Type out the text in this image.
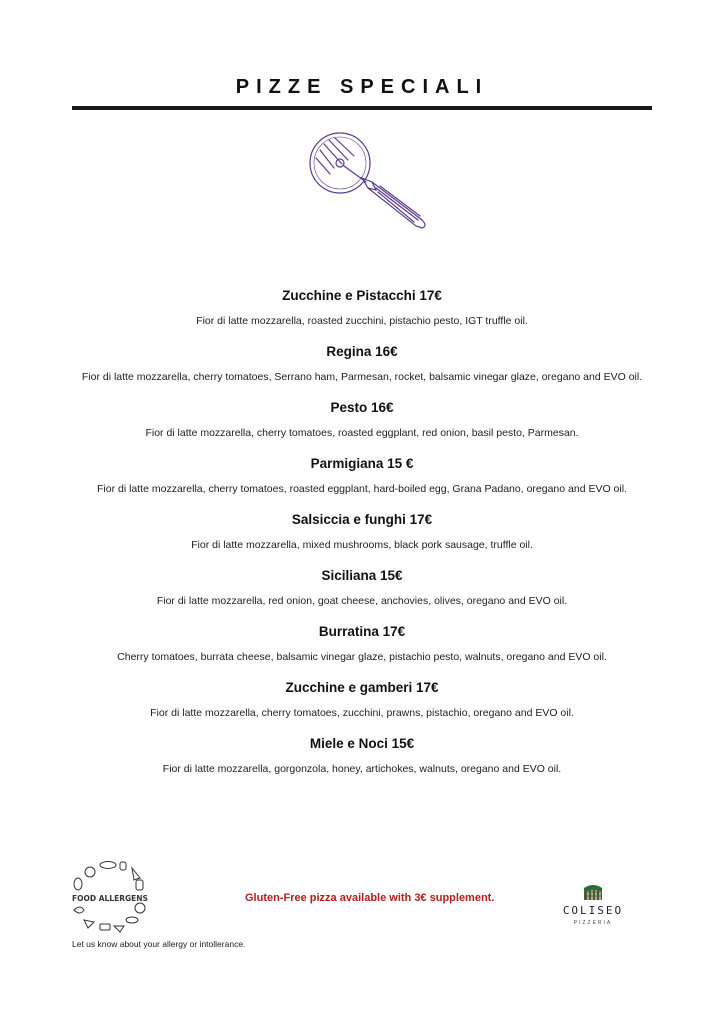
PIZZE SPECIALI
Zucchine e Pistacchi 17€
Fior di latte mozzarella, roasted zucchini, pistachio pesto, IGT truffle oil.
Regina 16€
Fior di latte mozzarella, cherry tomatoes, Serrano ham, Parmesan, rocket, balsamic vinegar glaze, oregano and EVO oil.
Pesto 16€
Fior di latte mozzarella, cherry tomatoes, roasted eggplant, red onion, basil pesto, Parmesan.
Parmigiana 15 €
Fior di latte mozzarella, cherry tomatoes, roasted eggplant, hard-boiled egg, Grana Padano, oregano and EVO oil.
Salsiccia e funghi 17€
Fior di latte mozzarella, mixed mushrooms, black pork sausage, truffle oil.
Siciliana 15€
Fior di latte mozzarella, red onion, goat cheese, anchovies, olives, oregano and EVO oil.
Burratina 17€
Cherry tomatoes, burrata cheese, balsamic vinegar glaze, pistachio pesto, walnuts, oregano and EVO oil.
Zucchine e gamberi 17€
Fior di latte mozzarella, cherry tomatoes, zucchini, prawns, pistachio, oregano and EVO oil.
Miele e Noci 15€
Fior di latte mozzarella, gorgonzola, honey, artichokes, walnuts, oregano and EVO oil.
FOOD ALLERGENS
Let us know about your allergy or intollerance.
Gluten-Free pizza available with 3€ supplement.
COLISEO
PIZZERIA
